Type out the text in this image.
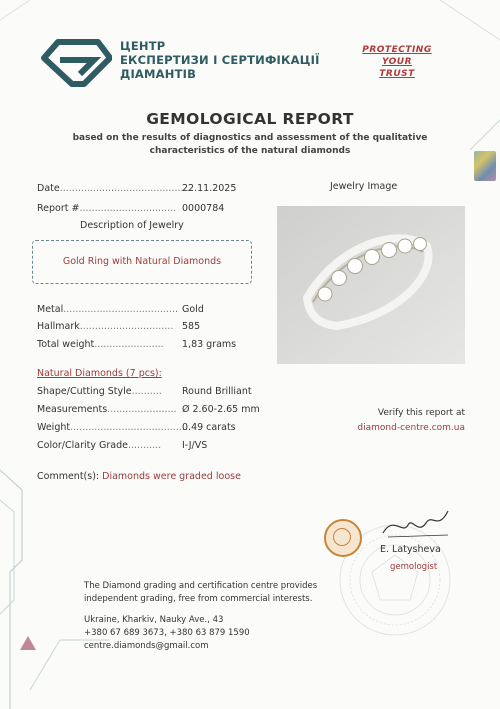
ЦЕНТР
ЕКСПЕРТИЗИ І СЕРТИФІКАЦІЇ
ДІАМАНТІВ
PROTECTING
YOUR
TRUST
GEMOLOGICAL REPORT
based on the results of diagnostics and assessment of the qualitative
characteristics of the natural diamonds
Date............................................
22.11.2025
Report #................................ 0000784
Description of Jewelry
Gold Ring with Natural Diamonds
Metal...................................... Gold
Hallmark............................... 585
Total weight....................... 1,83 grams
Natural Diamonds (7 pcs):
Shape/Cutting Style.......... Round Brilliant
Measurements....................... Ø 2.60-2.65 mm
Weight.......................................
0.49 carats
Color/Clarity Grade........... I-J/VS
Comment(s): Diamonds were graded loose
Jewelry Image
Verify this report at
diamond-centre.com.ua
E. Latysheva
gemologist
The Diamond grading and certification centre provides
independent grading, free from commercial interests.
Ukraine, Kharkiv, Nauky Ave., 43
+380 67 689 3673, +380 63 879 1590
centre.diamonds@gmail.com
